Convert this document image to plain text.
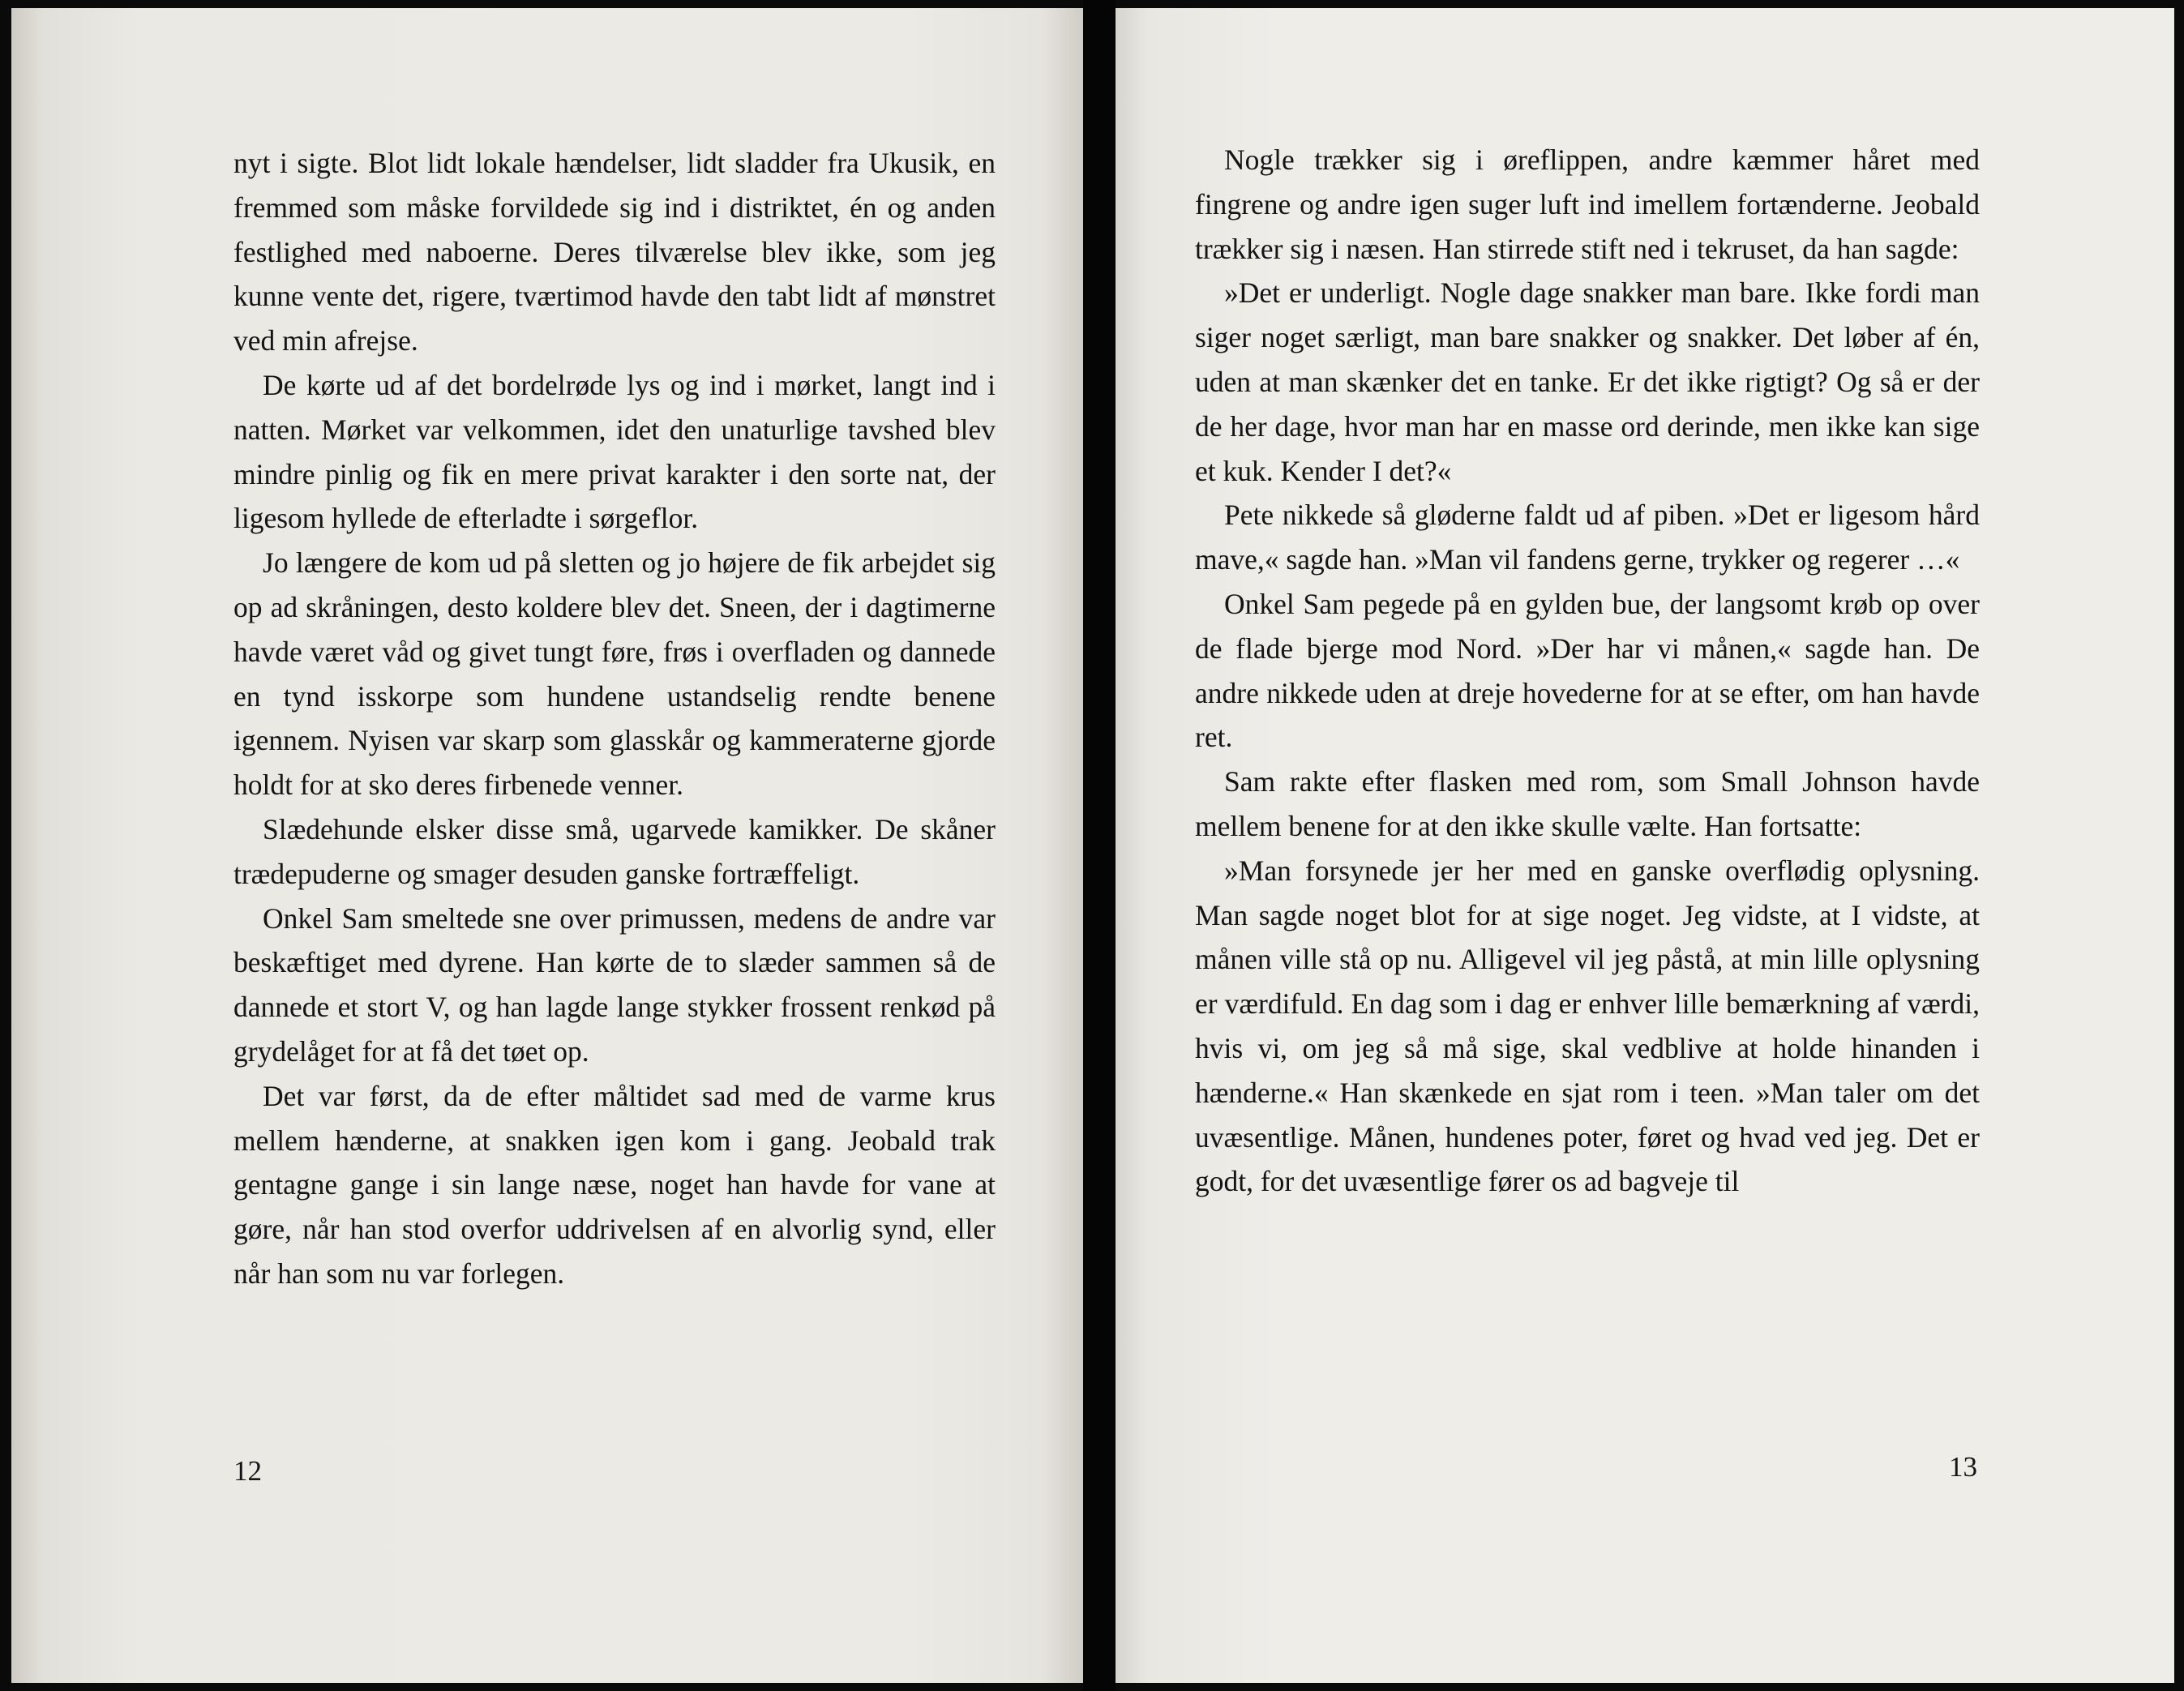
nyt i sigte. Blot lidt lokale hændelser, lidt sladder fra Ukusik, en fremmed som måske forvildede sig ind i distriktet, én og anden festlighed med naboerne. Deres tilværelse blev ikke, som jeg kunne vente det, rigere, tværtimod havde den tabt lidt af mønstret ved min afrejse.

De kørte ud af det bordelrøde lys og ind i mørket, langt ind i natten. Mørket var velkommen, idet den unaturlige tavshed blev mindre pinlig og fik en mere privat karakter i den sorte nat, der ligesom hyllede de efterladte i sørgeflor.

Jo længere de kom ud på sletten og jo højere de fik arbejdet sig op ad skråningen, desto koldere blev det. Sneen, der i dagtimerne havde været våd og givet tungt føre, frøs i overfladen og dannede en tynd isskorpe som hundene ustandselig rendte benene igennem. Nyisen var skarp som glasskår og kammeraterne gjorde holdt for at sko deres firbenede venner.

Slædehunde elsker disse små, ugarvede kamikker. De skåner trædepuderne og smager desuden ganske fortræffeligt.

Onkel Sam smeltede sne over primussen, medens de andre var beskæftiget med dyrene. Han kørte de to slæder sammen så de dannede et stort V, og han lagde lange stykker frossent renkød på grydelåget for at få det tøet op.

Det var først, da de efter måltidet sad med de varme krus mellem hænderne, at snakken igen kom i gang. Jeobald trak gentagne gange i sin lange næse, noget han havde for vane at gøre, når han stod overfor uddrivelsen af en alvorlig synd, eller når han som nu var forlegen.

12

Nogle trækker sig i øreflippen, andre kæmmer håret med fingrene og andre igen suger luft ind imellem fortænderne. Jeobald trækker sig i næsen. Han stirrede stift ned i tekruset, da han sagde:

»Det er underligt. Nogle dage snakker man bare. Ikke fordi man siger noget særligt, man bare snakker og snakker. Det løber af én, uden at man skænker det en tanke. Er det ikke rigtigt? Og så er der de her dage, hvor man har en masse ord derinde, men ikke kan sige et kuk. Kender I det?«

Pete nikkede så gløderne faldt ud af piben. »Det er ligesom hård mave,« sagde han. »Man vil fandens gerne, trykker og regerer …«

Onkel Sam pegede på en gylden bue, der langsomt krøb op over de flade bjerge mod Nord. »Der har vi månen,« sagde han. De andre nikkede uden at dreje hovederne for at se efter, om han havde ret.

Sam rakte efter flasken med rom, som Small Johnson havde mellem benene for at den ikke skulle vælte. Han fortsatte:

»Man forsynede jer her med en ganske overflødig oplysning. Man sagde noget blot for at sige noget. Jeg vidste, at I vidste, at månen ville stå op nu. Alligevel vil jeg påstå, at min lille oplysning er værdifuld. En dag som i dag er enhver lille bemærkning af værdi, hvis vi, om jeg så må sige, skal vedblive at holde hinanden i hænderne.« Han skænkede en sjat rom i teen. »Man taler om det uvæsentlige. Månen, hundenes poter, føret og hvad ved jeg. Det er godt, for det uvæsentlige fører os ad bagveje til

13
